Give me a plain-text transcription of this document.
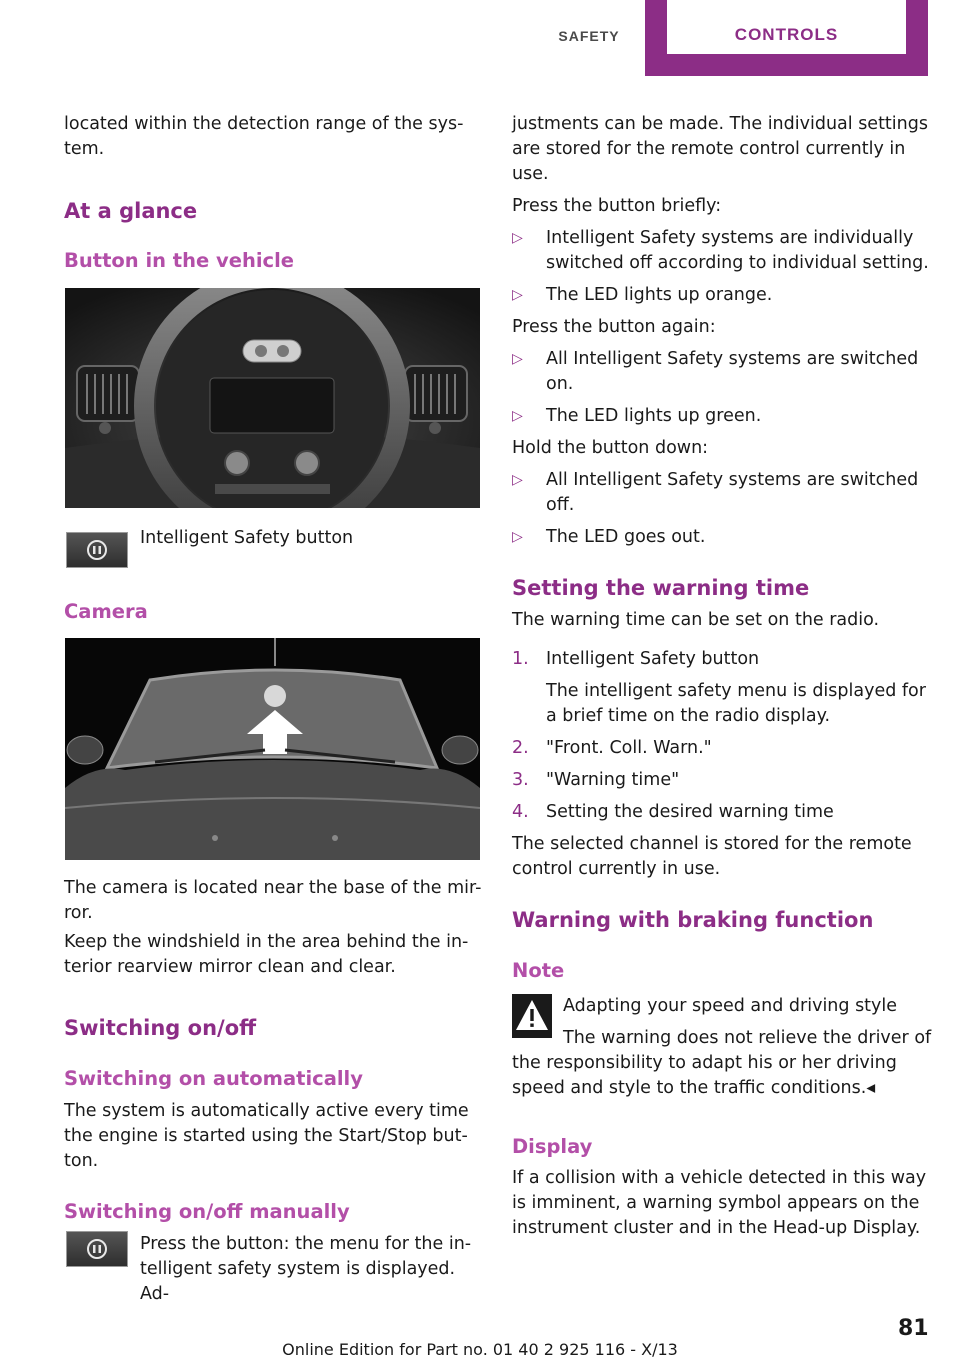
SAFETY	CONTROLS

located within the detection range of the sys-
tem.

At a glance

Button in the vehicle

Intelligent Safety button

Camera

The camera is located near the base of the mir-
ror.

Keep the windshield in the area behind the in-
terior rearview mirror clean and clear.

Switching on/off

Switching on automatically

The system is automatically active every time
the engine is started using the Start/Stop but-
ton.

Switching on/off manually

Press the button: the menu for the in-
telligent safety system is displayed. Ad-

justments can be made. The individual settings
are stored for the remote control currently in
use.

Press the button briefly:

▷ Intelligent Safety systems are individually
switched off according to individual setting.

▷ The LED lights up orange.

Press the button again:

▷ All Intelligent Safety systems are switched
on.

▷ The LED lights up green.

Hold the button down:

▷ All Intelligent Safety systems are switched
off.

▷ The LED goes out.

Setting the warning time

The warning time can be set on the radio.

1. Intelligent Safety button

The intelligent safety menu is displayed for
a brief time on the radio display.

2. "Front. Coll. Warn."

3. "Warning time"

4. Setting the desired warning time

The selected channel is stored for the remote
control currently in use.

Warning with braking function

Note

Adapting your speed and driving style

The warning does not relieve the driver of

the responsibility to adapt his or her driving
speed and style to the traffic conditions.◂

Display

If a collision with a vehicle detected in this way
is imminent, a warning symbol appears on the
instrument cluster and in the Head-up Display.

81
Online Edition for Part no. 01 40 2 925 116 - X/13
